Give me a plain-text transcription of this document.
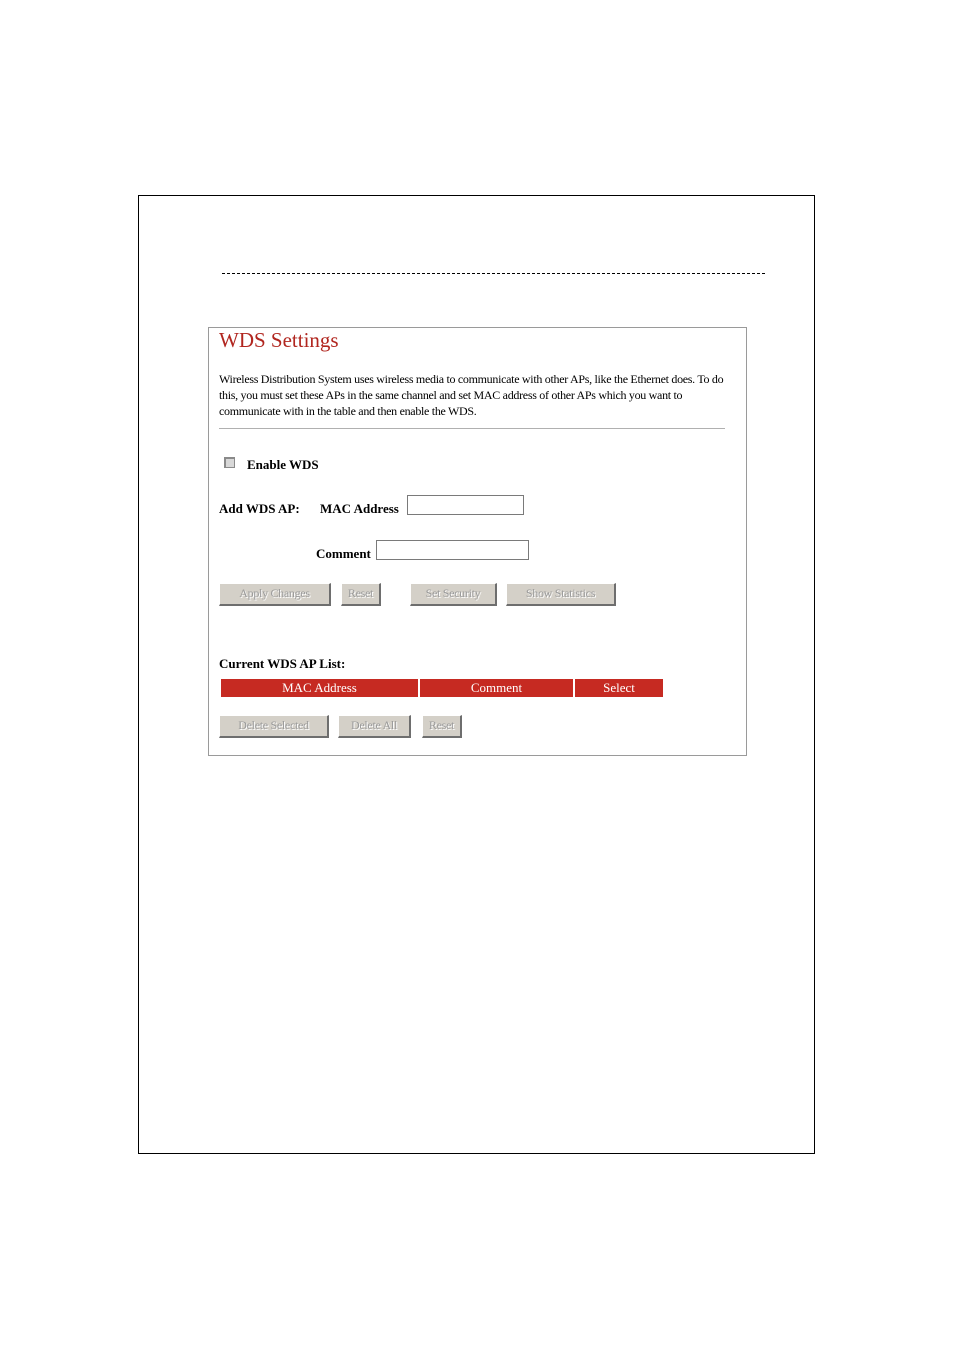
WDS Settings
Wireless Distribution System uses wireless media to communicate with other APs, like the Ethernet does. To do this, you must set these APs in the same channel and set MAC address of other APs which you want to communicate with in the table and then enable the WDS.
Enable WDS
Add WDS AP: MAC Address
Comment
Apply Changes	Reset	Set Security	Show Statistics
Current WDS AP List:
MAC Address	Comment	Select
Delete Selected	Delete All	Reset
